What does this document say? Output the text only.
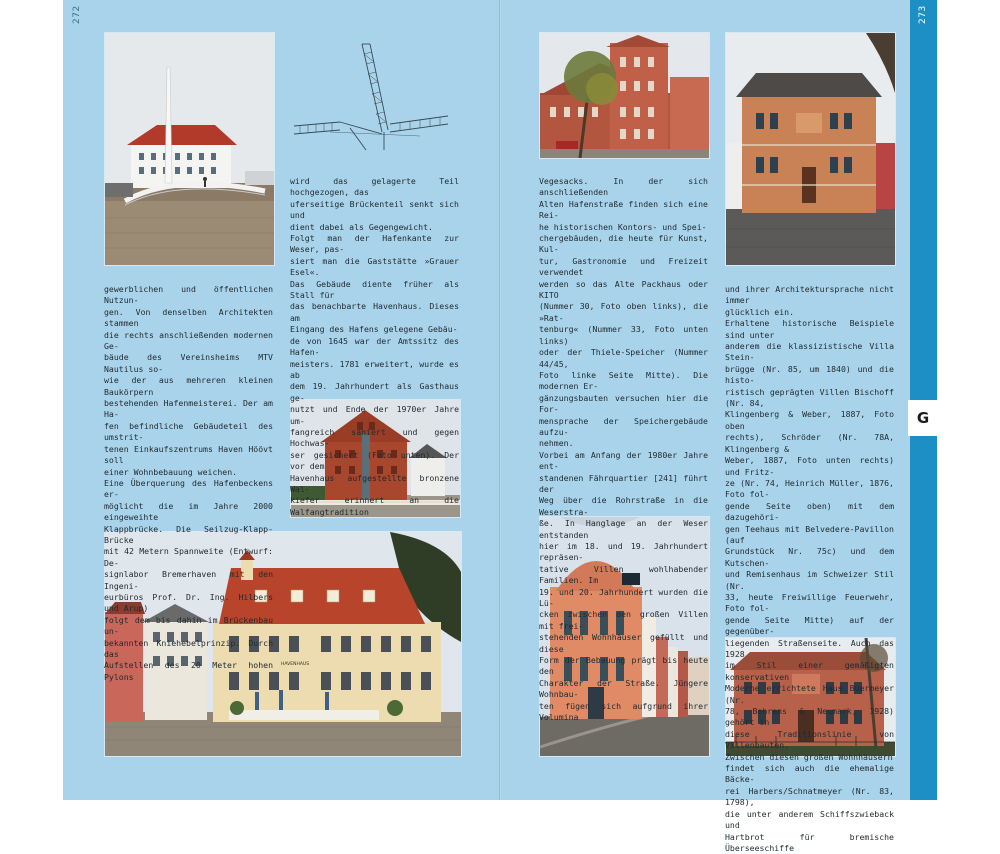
272	273
G
HAVENHAUS

gewerblichen und öffentlichen Nutzun-
gen. Von denselben Architekten stammen
die rechts anschließenden modernen Ge-
bäude des Vereinsheims MTV Nautilus so-
wie der aus mehreren kleinen Baukörpern
bestehenden Hafenmeisterei. Der am Ha-
fen befindliche Gebäudeteil des umstrit-
tenen Einkaufszentrums Haven Höövt soll
einer Wohnbebauung weichen.
Eine Überquerung des Hafenbeckens er-
möglicht die im Jahre 2000 eingeweihte
Klappbrücke. Die Seilzug-Klapp-Brücke
mit 42 Metern Spannweite (Entwurf: De-
signlabor Bremerhaven mit den Ingeni-
eurbüros Prof. Dr. Ing. Hilbers und Arup)
folgt dem bis dahin im Brückenbau un-
bekannten Kniehebelprinzip. Durch das
Aufstellen des 20 Meter hohen Pylons

wird das gelagerte Teil hochgezogen, das
uferseitige Brückenteil senkt sich und
dient dabei als Gegengewicht.
Folgt man der Hafenkante zur Weser, pas-
siert man die Gaststätte »Grauer Esel«.
Das Gebäude diente früher als Stall für
das benachbarte Havenhaus. Dieses am
Eingang des Hafens gelegene Gebäu-
de von 1645 war der Amtssitz des Hafen-
meisters. 1781 erweitert, wurde es ab
dem 19. Jahrhundert als Gasthaus ge-
nutzt und Ende der 1970er Jahre um-
fangreich saniert und gegen Hochwas-
ser gesichert (Foto unten). Der vor dem
Havenhaus aufgestellte bronzene Wal-
kiefer erinnert an die Walfangtradition

Vegesacks. In der sich anschließenden
Alten Hafenstraße finden sich eine Rei-
he historischen Kontors- und Spei-
chergebäuden, die heute für Kunst, Kul-
tur, Gastronomie und Freizeit verwendet
werden so das Alte Packhaus oder KITO
(Nummer 30, Foto oben links), die »Rat-
tenburg« (Nummer 33, Foto unten links)
oder der Thiele-Speicher (Nummer 44/45,
Foto linke Seite Mitte). Die modernen Er-
gänzungsbauten versuchen hier die For-
mensprache der Speichergebäude aufzu-
nehmen.
Vorbei am Anfang der 1980er Jahre ent-
standenen Fährquartier [241] führt der
Weg über die Rohrstraße in die Weserstra-
ße. In Hanglage an der Weser entstanden
hier im 18. und 19. Jahrhundert repräsen-
tative Villen wohlhabender Familien. Im
19. und 20. Jahrhundert wurden die Lü-
cken zwischen den großen Villen mit frei-
stehenden Wohnhäuser gefüllt und diese
Form der Bebauung prägt bis heute den
Charakter der Straße. Jüngere Wohnbau-
ten fügen sich aufgrund ihrer Volumina

und ihrer Architektursprache nicht immer
glücklich ein.
Erhaltene historische Beispiele sind unter
anderem die klassizistische Villa Stein-
brügge (Nr. 85, um 1840) und die histo-
ristisch geprägten Villen Bischoff (Nr. 84,
Klingenberg & Weber, 1887, Foto oben
rechts), Schröder (Nr. 78A, Klingenberg &
Weber, 1887, Foto unten rechts) und Fritz-
ze (Nr. 74, Heinrich Müller, 1876, Foto fol-
gende Seite oben) mit dem dazugehöri-
gen Teehaus mit Belvedere-Pavillon (auf
Grundstück Nr. 75c) und dem Kutschen-
und Remisenhaus im Schweizer Stil (Nr.
33, heute Freiwillige Feuerwehr, Foto fol-
gende Seite Mitte) auf der gegenüber-
liegenden Straßenseite. Auch das 1928
im Stil einer gemäßigten konservativen
Moderne errichtete Haus Buermeyer (Nr.
78, Behrens & Neumark, 1928) gehört in
diese Traditionslinie von Villenbauten.
Zwischen diesen großen Wohnhäusern
findet sich auch die ehemalige Bäcke-
rei Harbers/Schnatmeyer (Nr. 83, 1798),
die unter anderem Schiffszwieback und
Hartbrot für bremische Überseeschiffe
